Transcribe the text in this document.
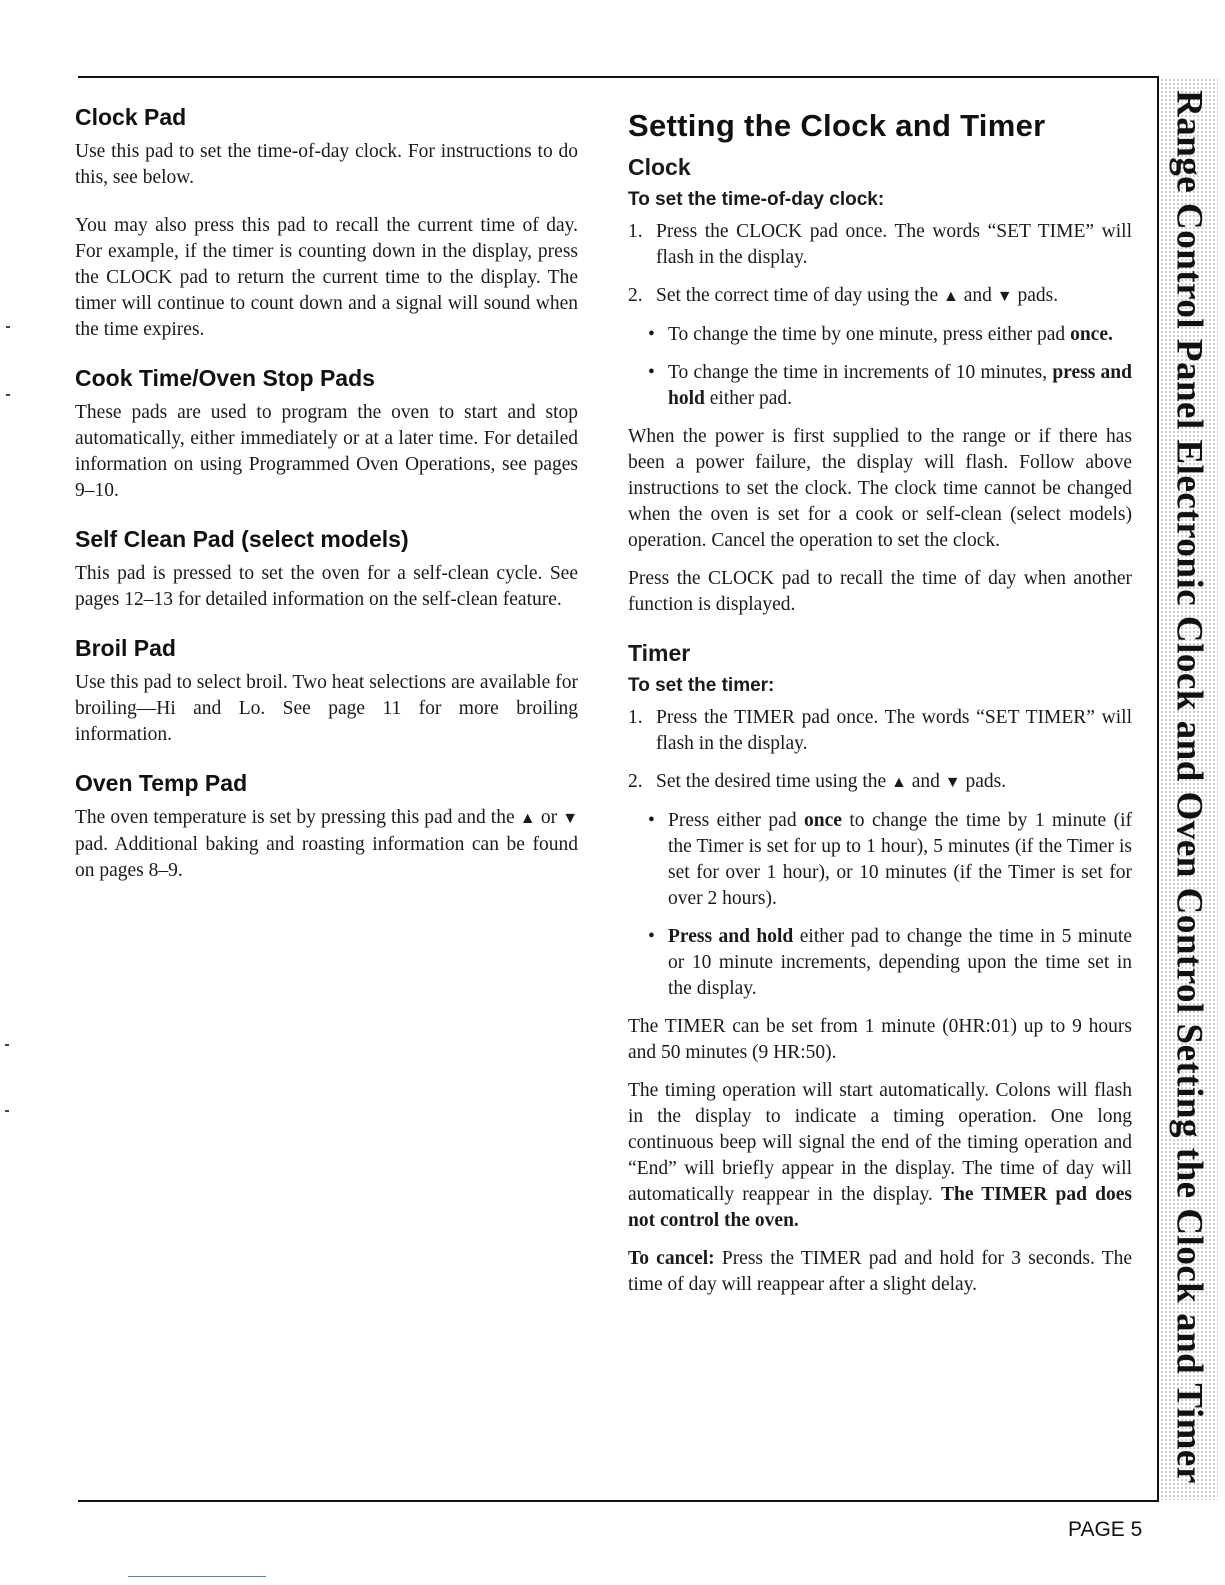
Range Control Panel Electronic Clock and Oven Control Setting the Clock and Timer
Clock Pad

Use this pad to set the time-of-day clock. For instructions to do this, see below.

You may also press this pad to recall the current time of day. For example, if the timer is counting down in the display, press the CLOCK pad to return the current time to the display. The timer will continue to count down and a signal will sound when the time expires.

Cook Time/Oven Stop Pads

These pads are used to program the oven to start and stop automatically, either immediately or at a later time. For detailed information on using Programmed Oven Operations, see pages 9–10.

Self Clean Pad (select models)

This pad is pressed to set the oven for a self-clean cycle. See pages 12–13 for detailed information on the self-clean feature.

Broil Pad

Use this pad to select broil. Two heat selections are available for broiling—Hi and Lo. See page 11 for more broiling information.

Oven Temp Pad

The oven temperature is set by pressing this pad and the ▲ or ▼ pad. Additional baking and roasting information can be found on pages 8–9.

Setting the Clock and Timer
Clock
To set the time-of-day clock:
1. Press the CLOCK pad once. The words “SET TIME” will flash in the display.
2. Set the correct time of day using the ▲ and ▼ pads.
• To change the time by one minute, press either pad once.
• To change the time in increments of 10 minutes, press and hold either pad.

When the power is first supplied to the range or if there has been a power failure, the display will flash. Follow above instructions to set the clock. The clock time cannot be changed when the oven is set for a cook or self-clean (select models) operation. Cancel the operation to set the clock.

Press the CLOCK pad to recall the time of day when another function is displayed.

Timer
To set the timer:
1. Press the TIMER pad once. The words “SET TIMER” will flash in the display.
2. Set the desired time using the ▲ and ▼ pads.
• Press either pad once to change the time by 1 minute (if the Timer is set for up to 1 hour), 5 minutes (if the Timer is set for over 1 hour), or 10 minutes (if the Timer is set for over 2 hours).
• Press and hold either pad to change the time in 5 minute or 10 minute increments, depending upon the time set in the display.

The TIMER can be set from 1 minute (0HR:01) up to 9 hours and 50 minutes (9 HR:50).

The timing operation will start automatically. Colons will flash in the display to indicate a timing operation. One long continuous beep will signal the end of the timing operation and “End” will briefly appear in the display. The time of day will automatically reappear in the display. The TIMER pad does not control the oven.

To cancel: Press the TIMER pad and hold for 3 seconds. The time of day will reappear after a slight delay.

PAGE 5
